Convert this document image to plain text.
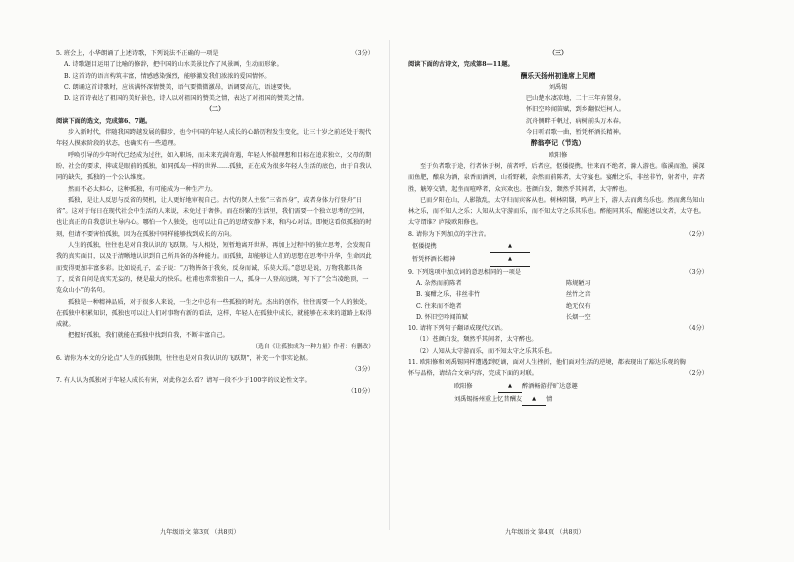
5. 班会上，小华朗诵了上述诗歌，下列说法不正确的一项是	（3分）

A. 诗歌题目运用了比喻的修辞，把中国的山水美景比作了风景画，生动而形象。

B. 这首诗的语言构筑丰富，情感感染强烈，能够激发我们浓浓的爱国情怀。

C. 朗诵这首诗歌时，应该满怀深情赞美，语气要微微激昂，语调要高亢，语速要快。

D. 这首诗表达了祖国的美好景色，诗人以对祖国的赞美之情，表达了对祖国的赞美之情。

（二）

阅读下面的选文，完成第6、7题。

步入新时代，伴随我国跨越发展的脚步，也令中国的年轻人成长的心路历程发生变化，让三十岁之前还处于现代年轻人摸索阶段的状态，也确实有一些道理。

呼唤引导的少年时代已经成为过往，如入职场，而未来充满奇遇，年轻人怀揣理想和目标在追求独立，父母的期盼、社会的要求，抑或是眼前的孤独，如同孤岛一样的世界……孤独，正在成为很多年轻人生活的底色，由于自我认同的缺失，孤独的一个公认维度。

然而不必太担心，这种孤独，有可能成为一种生产力。

孤独，是让人反思与反省的契机，让人更好地审视自己。古代的贤人主张“三省吾身”，或者身体力行登舟“日省”。这对于每日在现代社会中生活的人来说，未免过于奢侈。而在纷繁的生活里，我们需要一个独立思考的空间，也让真正的自我意识主导内心。哪怕一个人独处，也可以让自己的思绪安静下来，和内心对话。即便这看似孤独的时刻，但请不要害怕孤独，因为在孤独中同样能够找到成长的方向。

人生的孤独，往往也是对自我认识的飞跃期。与人相处，短暂地离开世界，再加上过程中的独立思考，会发现自我的真实面目，以及于清晰地认识到自己所具备的各种能力。而孤独，却能够让人们的思想在思考中升华，生命因此而变得更加丰富多彩。比如说孔子，孟子说：“万物皆备于我矣，反身而诚，乐莫大焉。”意思是说，万物我都具备了，反省自问是真实无妄的，便是最大的快乐。杜甫也常常独自一人，孤身一人登高远眺，写下了“会当凌绝顶，一览众山小”的名句。

孤独是一种精神品质，对于很多人来说，一生之中总有一些孤独的时光。杰出的创作，往往需要一个人的独处，在孤独中积累知识，孤独也可以让人们对事物有新的看法，这样，年轻人在孤独中成长，就能够在未来的道路上取得成就。

把握好孤独，我们就能在孤独中找到自我，不断丰富自己。

（选自《让孤独成为一种力量》作者：有删改）

6. 请你为本文的分论点“人生的孤独期，往往也是对自我认识的飞跃期”，补充一个事实论据。

（3分）

7. 有人认为孤独对于年轻人成长有害，对此你怎么看？请写一段不少于100字的议论性文字。

（10分）
九年级语文 第3页 （共8页）

（三）

阅读下面的古诗文，完成第8—11题。

酬乐天扬州初逢席上见赠

刘禹锡

巴山楚水凄凉地，二十三年弃置身。

怀旧空吟闻笛赋，到乡翻似烂柯人。

沉舟侧畔千帆过，病树前头万木春。

今日听君歌一曲，暂凭杯酒长精神。

醉翁亭记（节选）

欧阳修

至于负者歌于途，行者休于树，前者呼，后者应，伛偻提携，往来而不绝者，滁人游也。临溪而渔，溪深而鱼肥，酿泉为酒，泉香而酒洌，山肴野蔌，杂然而前陈者，太守宴也。宴酣之乐，非丝非竹，射者中，弈者胜，觥筹交错，起坐而喧哗者，众宾欢也。苍颜白发，颓然乎其间者，太守醉也。

已而夕阳在山，人影散乱，太守归而宾客从也。树林阴翳，鸣声上下，游人去而禽鸟乐也。然而禽鸟知山林之乐，而不知人之乐；人知从太守游而乐，而不知太守之乐其乐也。醉能同其乐，醒能述以文者，太守也。太守谓谁？庐陵欧阳修也。

8. 请你为下列加点的字注音。	（2分）
伛偻提携	▲
暂凭杯酒长精神	▲

9. 下列选项中加点词的意思相同的一项是	（3分）
A. 杂然而前陈者	陈规陋习
B. 宴酣之乐，非丝非竹	丝竹之音
C. 往来而不绝者	绝无仅有
D. 怀旧空吟闻笛赋	长烟一空

10. 请将下列句子翻译成现代汉语。	（4分）

（1）苍颜白发，颓然乎其间者，太守醉也。

（2）人知从太守游而乐，而不知太守之乐其乐也。

11. 欧阳修和刘禹锡同样遭遇到贬谪，面对人生挫折，他们面对生活的逆境，都表现出了豁达乐观的胸怀与品格，请结合文章内容，完成下面的对联。	（2分）
欧阳修	▲	醉酒畅游抒旷达意趣
刘禹锡扬州重上忆昔酬友	▲	情
九年级语文 第4页 （共8页）
